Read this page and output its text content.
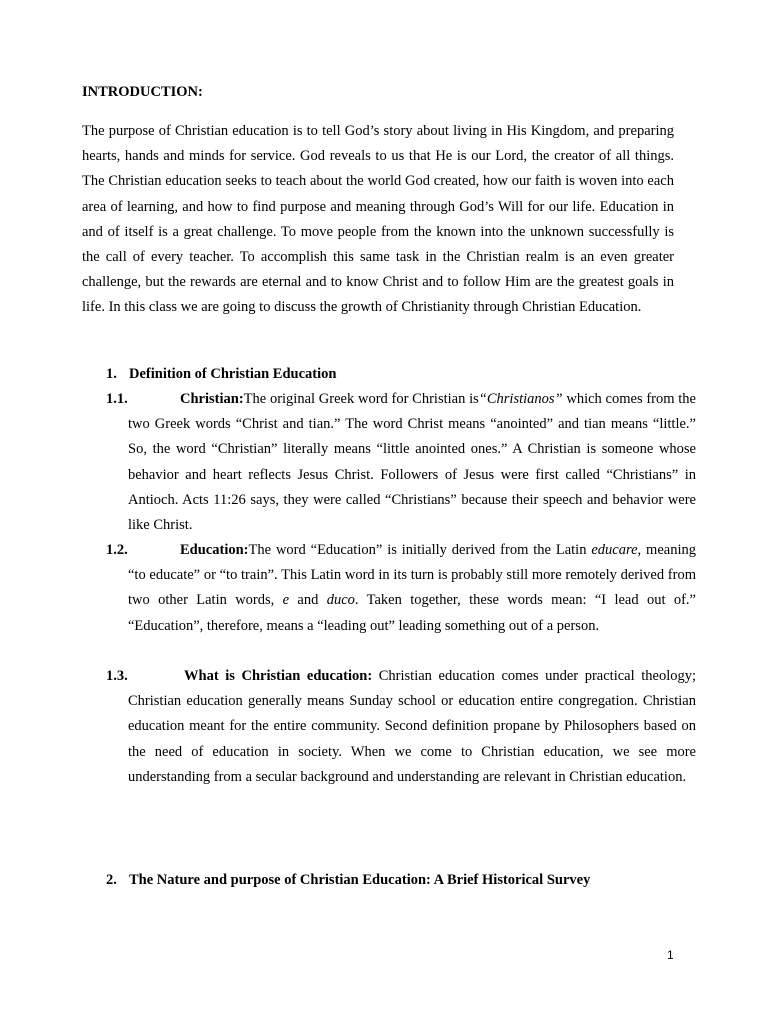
INTRODUCTION:

The purpose of Christian education is to tell God’s story about living in His Kingdom, and preparing hearts, hands and minds for service. God reveals to us that He is our Lord, the creator of all things. The Christian education seeks to teach about the world God created, how our faith is woven into each area of learning, and how to find purpose and meaning through God’s Will for our life. Education in and of itself is a great challenge. To move people from the known into the unknown successfully is the call of every teacher. To accomplish this same task in the Christian realm is an even greater challenge, but the rewards are eternal and to know Christ and to follow Him are the greatest goals in life. In this class we are going to discuss the growth of Christianity through Christian Education.

1. Definition of Christian Education

1.1.	Christian:The original Greek word for Christian is“Christianos” which comes from the two Greek words “Christ and tian.” The word Christ means “anointed” and tian means “little.” So, the word “Christian” literally means “little anointed ones.” A Christian is someone whose behavior and heart reflects Jesus Christ. Followers of Jesus were first called “Christians” in Antioch. Acts 11:26 says, they were called “Christians” because their speech and behavior were like Christ.

1.2.	Education:The word “Education” is initially derived from the Latin educare, meaning “to educate” or “to train”. This Latin word in its turn is probably still more remotely derived from two other Latin words, e and duco. Taken together, these words mean: “I lead out of.” “Education”, therefore, means a “leading out” leading something out of a person.

1.3.	What is Christian education: Christian education comes under practical theology; Christian education generally means Sunday school or education entire congregation. Christian education meant for the entire community. Second definition propane by Philosophers based on the need of education in society. When we come to Christian education, we see more understanding from a secular background and understanding are relevant in Christian education.

2. The Nature and purpose of Christian Education: A Brief Historical Survey
1
